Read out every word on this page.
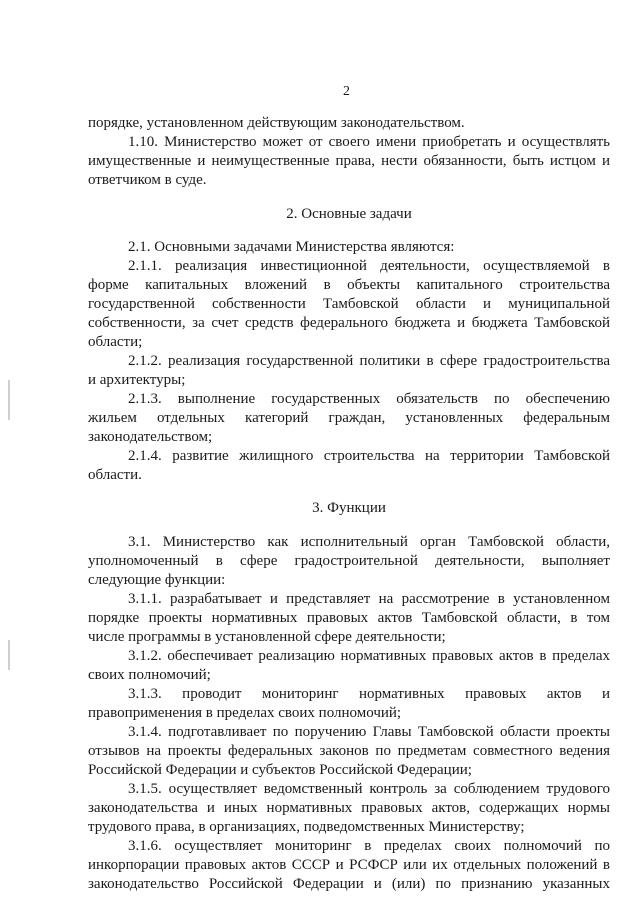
2
порядке, установленном действующим законодательством.
1.10. Министерство может от своего имени приобретать и осуществлять
имущественные и неимущественные права, нести обязанности, быть истцом и
ответчиком в суде.
2. Основные задачи
2.1. Основными задачами Министерства являются:
2.1.1. реализация инвестиционной деятельности, осуществляемой в
форме капитальных вложений в объекты капитального строительства
государственной собственности Тамбовской области и муниципальной
собственности, за счет средств федерального бюджета и бюджета Тамбовской
области;
2.1.2. реализация государственной политики в сфере градостроительства
и архитектуры;
2.1.3. выполнение государственных обязательств по обеспечению
жильем отдельных категорий граждан, установленных федеральным
законодательством;
2.1.4. развитие жилищного строительства на территории Тамбовской
области.
3. Функции
3.1. Министерство как исполнительный орган Тамбовской области,
уполномоченный в сфере градостроительной деятельности, выполняет
следующие функции:
3.1.1. разрабатывает и представляет на рассмотрение в установленном
порядке проекты нормативных правовых актов Тамбовской области, в том
числе программы в установленной сфере деятельности;
3.1.2. обеспечивает реализацию нормативных правовых актов в пределах
своих полномочий;
3.1.3. проводит мониторинг нормативных правовых актов и
правоприменения в пределах своих полномочий;
3.1.4. подготавливает по поручению Главы Тамбовской области проекты
отзывов на проекты федеральных законов по предметам совместного ведения
Российской Федерации и субъектов Российской Федерации;
3.1.5. осуществляет ведомственный контроль за соблюдением трудового
законодательства и иных нормативных правовых актов, содержащих нормы
трудового права, в организациях, подведомственных Министерству;
3.1.6. осуществляет мониторинг в пределах своих полномочий по
инкорпорации правовых актов СССР и РСФСР или их отдельных положений в
законодательство Российской Федерации и (или) по признанию указанных
